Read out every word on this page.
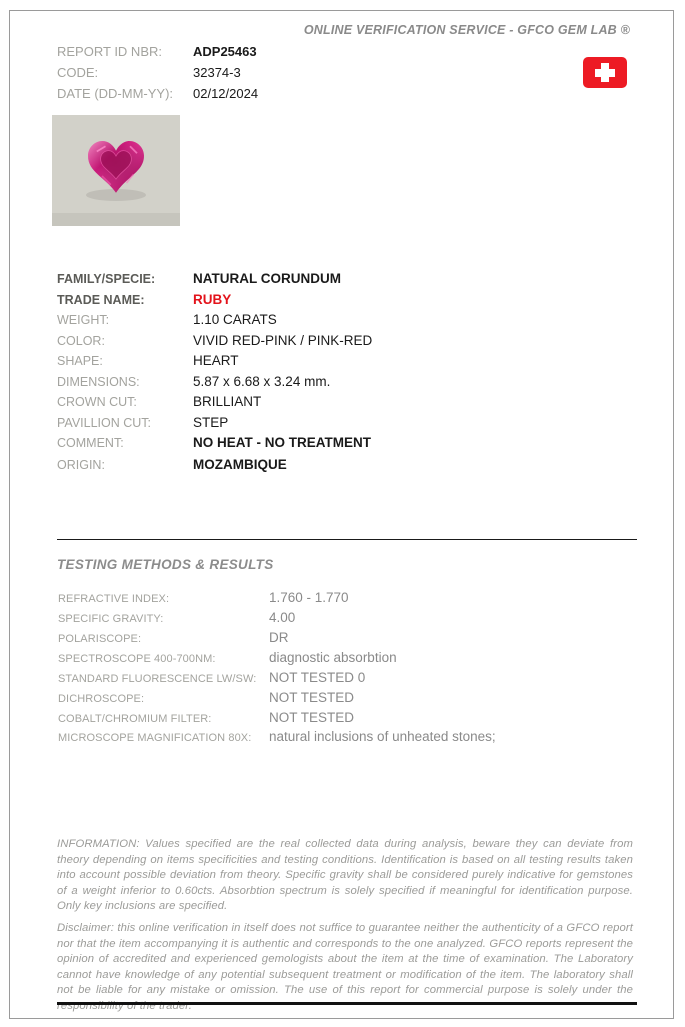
ONLINE VERIFICATION SERVICE - GFCO GEM LAB ®
REPORT ID NBR: ADP25463
CODE:	32374-3
DATE (DD-MM-YY): 02/12/2024
FAMILY/SPECIE:	NATURAL CORUNDUM
TRADE NAME:	RUBY
WEIGHT:	1.10 CARATS
COLOR:	VIVID RED-PINK / PINK-RED
SHAPE:	HEART
DIMENSIONS:	5.87 x 6.68 x 3.24 mm.
CROWN CUT:	BRILLIANT
PAVILLION CUT:	STEP
COMMENT:	NO HEAT - NO TREATMENT
ORIGIN:	MOZAMBIQUE
TESTING METHODS & RESULTS
REFRACTIVE INDEX:	1.760 - 1.770
SPECIFIC GRAVITY:	4.00
POLARISCOPE:	DR
SPECTROSCOPE 400-700NM:	diagnostic absorbtion
STANDARD FLUORESCENCE LW/SW: NOT TESTED 0
DICHROSCOPE:	NOT TESTED
COBALT/CHROMIUM FILTER:	NOT TESTED
MICROSCOPE MAGNIFICATION 80X: natural inclusions of unheated stones;
INFORMATION: Values specified are the real collected data during analysis, beware they can deviate from theory depending on items specificities and testing conditions. Identification is based on all testing results taken into account possible deviation from theory. Specific gravity shall be considered purely indicative for gemstones of a weight inferior to 0.60cts. Absorbtion spectrum is solely specified if meaningful for identification purpose. Only key inclusions are specified.
Disclaimer: this online verification in itself does not suffice to guarantee neither the authenticity of a GFCO report nor that the item accompanying it is authentic and corresponds to the one analyzed. GFCO reports represent the opinion of accredited and experienced gemologists about the item at the time of examination. The Laboratory cannot have knowledge of any potential subsequent treatment or modification of the item. The laboratory shall not be liable for any mistake or omission. The use of this report for commercial purpose is solely under the responsibility of the trader.
